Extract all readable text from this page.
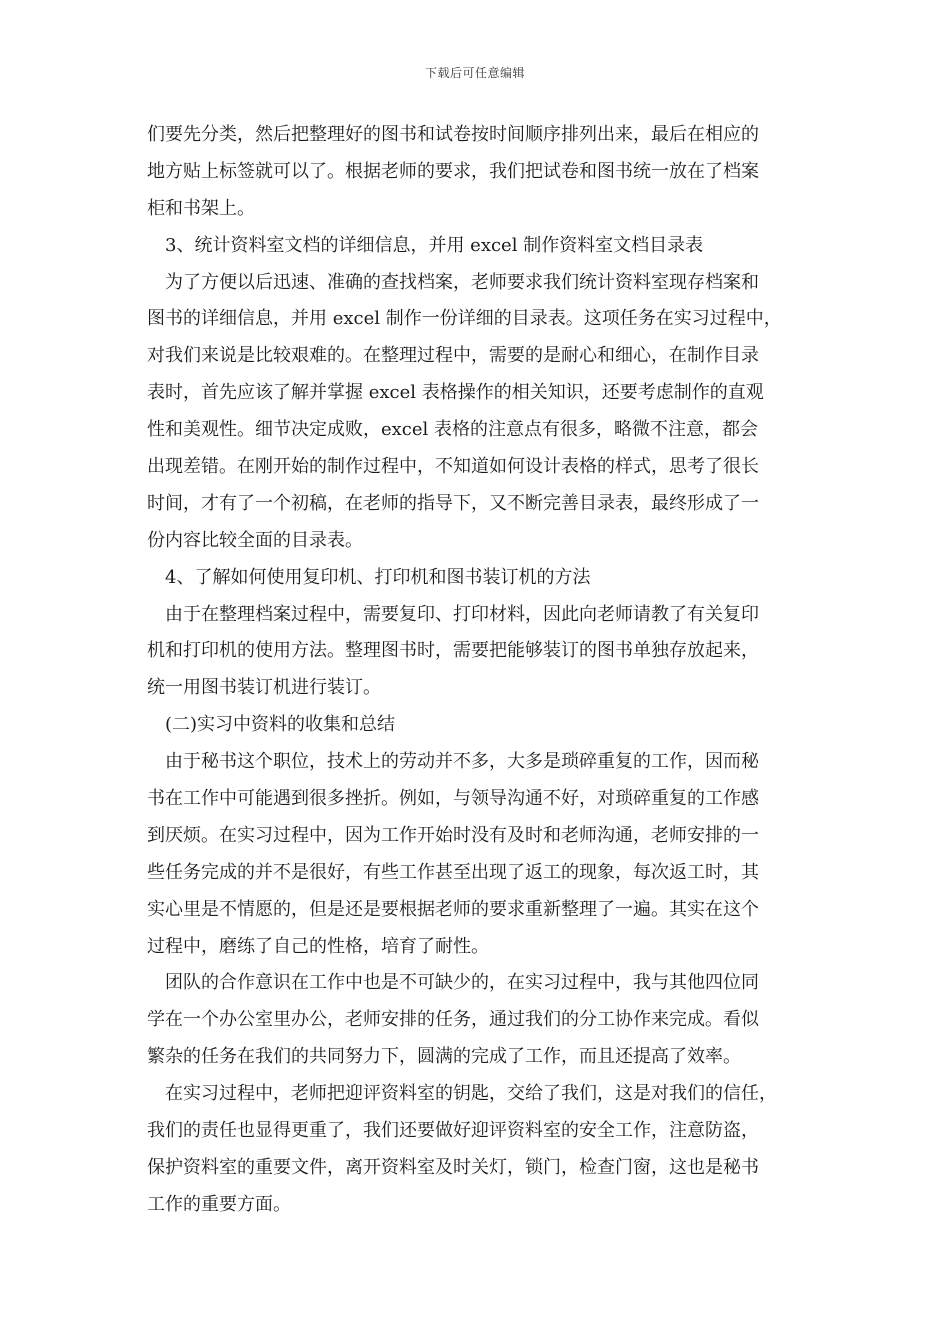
下载后可任意编辑
们要先分类，然后把整理好的图书和试卷按时间顺序排列出来，最后在相应的
地方贴上标签就可以了。根据老师的要求，我们把试卷和图书统一放在了档案
柜和书架上。
3、统计资料室文档的详细信息，并用 excel 制作资料室文档目录表
为了方便以后迅速、准确的查找档案，老师要求我们统计资料室现存档案和
图书的详细信息，并用 excel 制作一份详细的目录表。这项任务在实习过程中，
对我们来说是比较艰难的。在整理过程中，需要的是耐心和细心，在制作目录
表时，首先应该了解并掌握 excel 表格操作的相关知识，还要考虑制作的直观
性和美观性。细节决定成败，excel 表格的注意点有很多，略微不注意，都会
出现差错。在刚开始的制作过程中，不知道如何设计表格的样式，思考了很长
时间，才有了一个初稿，在老师的指导下，又不断完善目录表，最终形成了一
份内容比较全面的目录表。
4、了解如何使用复印机、打印机和图书装订机的方法
由于在整理档案过程中，需要复印、打印材料，因此向老师请教了有关复印
机和打印机的使用方法。整理图书时，需要把能够装订的图书单独存放起来，
统一用图书装订机进行装订。
(二)实习中资料的收集和总结
由于秘书这个职位，技术上的劳动并不多，大多是琐碎重复的工作，因而秘
书在工作中可能遇到很多挫折。例如，与领导沟通不好，对琐碎重复的工作感
到厌烦。在实习过程中，因为工作开始时没有及时和老师沟通，老师安排的一
些任务完成的并不是很好，有些工作甚至出现了返工的现象，每次返工时，其
实心里是不情愿的，但是还是要根据老师的要求重新整理了一遍。其实在这个
过程中，磨练了自己的性格，培育了耐性。
团队的合作意识在工作中也是不可缺少的，在实习过程中，我与其他四位同
学在一个办公室里办公，老师安排的任务，通过我们的分工协作来完成。看似
繁杂的任务在我们的共同努力下，圆满的完成了工作，而且还提高了效率。
在实习过程中，老师把迎评资料室的钥匙，交给了我们，这是对我们的信任，
我们的责任也显得更重了，我们还要做好迎评资料室的安全工作，注意防盗，
保护资料室的重要文件，离开资料室及时关灯，锁门，检查门窗，这也是秘书
工作的重要方面。
